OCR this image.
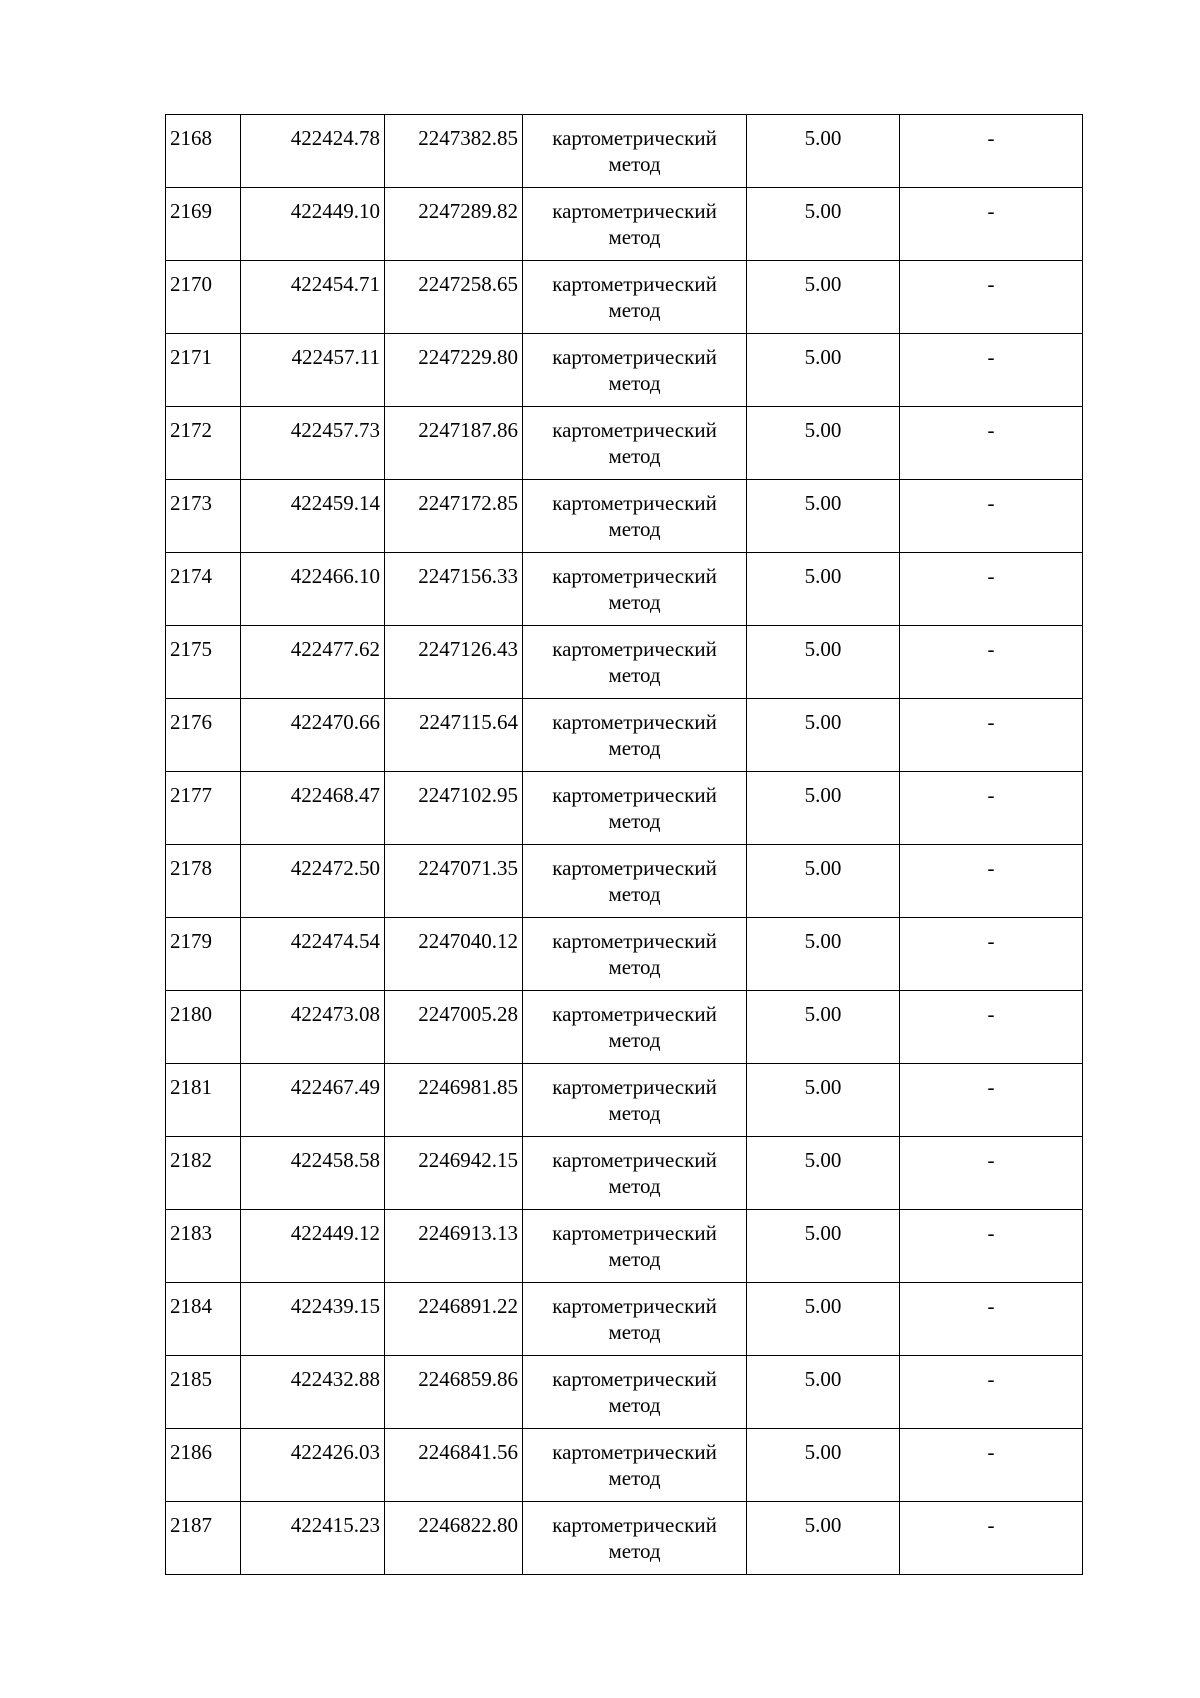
2168	422424.78	2247382.85	картометрический метод	5.00	-
2169	422449.10	2247289.82	картометрический метод	5.00	-
2170	422454.71	2247258.65	картометрический метод	5.00	-
2171	422457.11	2247229.80	картометрический метод	5.00	-
2172	422457.73	2247187.86	картометрический метод	5.00	-
2173	422459.14	2247172.85	картометрический метод	5.00	-
2174	422466.10	2247156.33	картометрический метод	5.00	-
2175	422477.62	2247126.43	картометрический метод	5.00	-
2176	422470.66	2247115.64	картометрический метод	5.00	-
2177	422468.47	2247102.95	картометрический метод	5.00	-
2178	422472.50	2247071.35	картометрический метод	5.00	-
2179	422474.54	2247040.12	картометрический метод	5.00	-
2180	422473.08	2247005.28	картометрический метод	5.00	-
2181	422467.49	2246981.85	картометрический метод	5.00	-
2182	422458.58	2246942.15	картометрический метод	5.00	-
2183	422449.12	2246913.13	картометрический метод	5.00	-
2184	422439.15	2246891.22	картометрический метод	5.00	-
2185	422432.88	2246859.86	картометрический метод	5.00	-
2186	422426.03	2246841.56	картометрический метод	5.00	-
2187	422415.23	2246822.80	картометрический метод	5.00	-
